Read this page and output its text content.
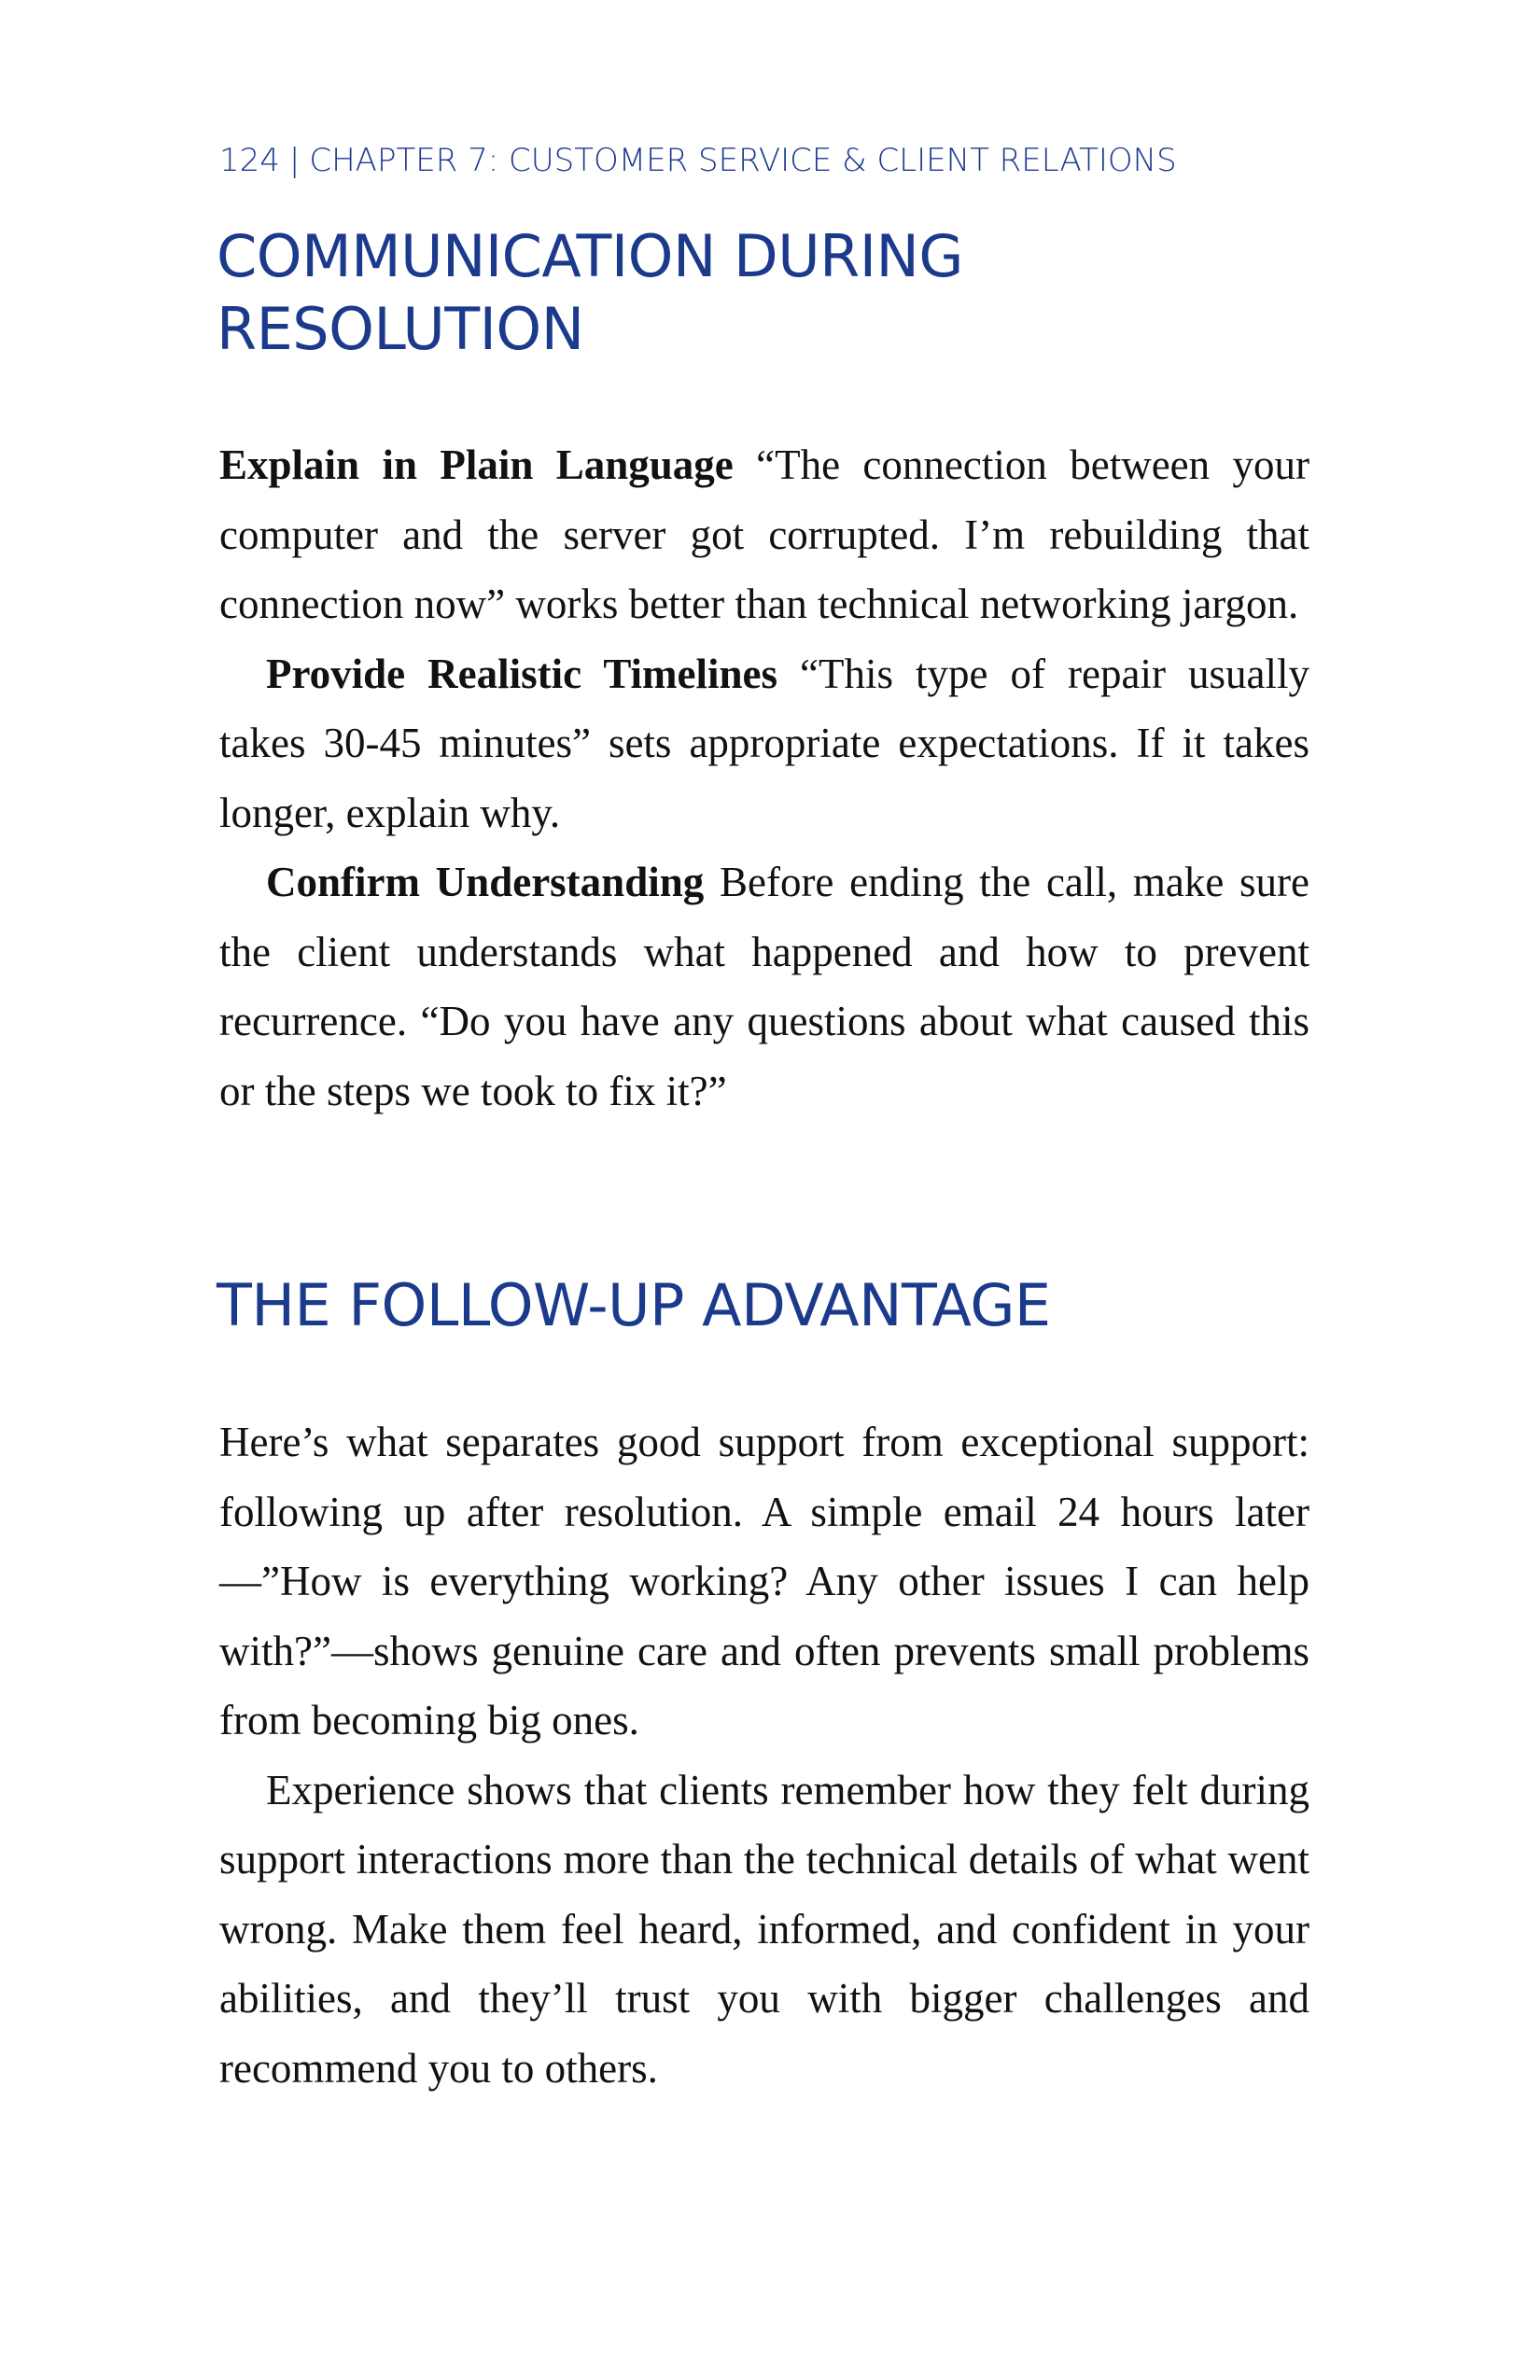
124 | CHAPTER 7: CUSTOMER SERVICE & CLIENT RELATIONS
COMMUNICATION DURING
RESOLUTION

Explain in Plain Language “The connection between your computer and the server got corrupted. I’m rebuilding that connection now” works better than technical networking jargon.

Provide Realistic Timelines “This type of repair usually takes 30-45 minutes” sets appropriate expectations. If it takes longer, explain why.

Confirm Understanding Before ending the call, make sure the client understands what happened and how to prevent recurrence. “Do you have any questions about what caused this or the steps we took to fix it?”

THE FOLLOW-UP ADVANTAGE

Here’s what separates good support from exceptional support: following up after resolution. A simple email 24 hours later—”How is everything working? Any other issues I can help with?”—shows genuine care and often prevents small problems from becoming big ones.

Experience shows that clients remember how they felt during support interactions more than the technical details of what went wrong. Make them feel heard, informed, and confident in your abilities, and they’ll trust you with bigger challenges and recommend you to others.
